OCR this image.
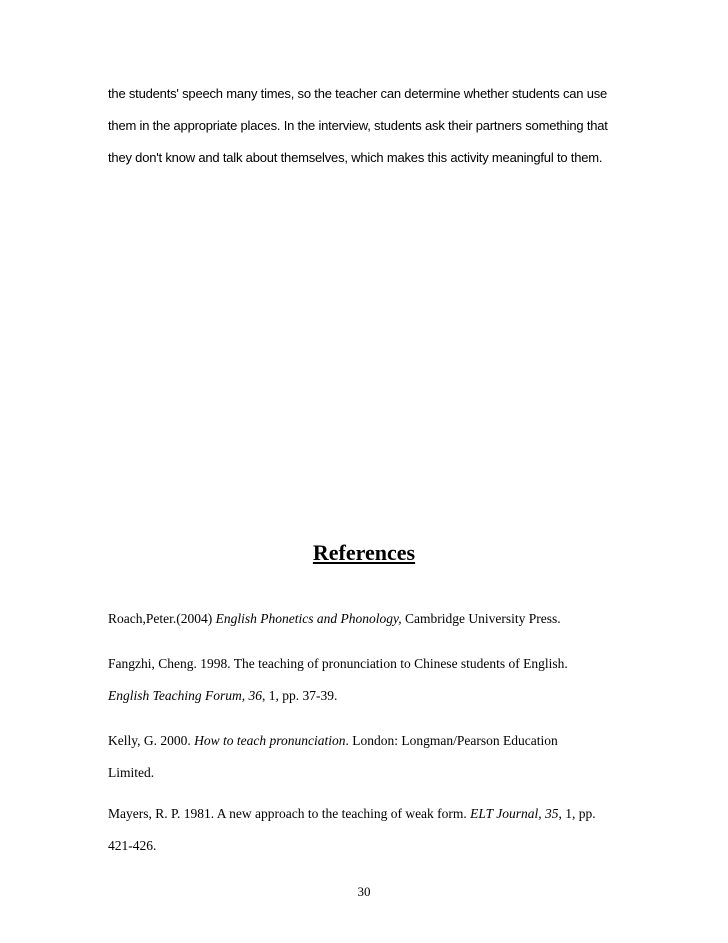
the students' speech many times, so the teacher can determine whether students can use

them in the appropriate places. In the interview, students ask their partners something that

they don't know and talk about themselves, which makes this activity meaningful to them.

References

Roach,Peter.(2004) English Phonetics and Phonology, Cambridge University Press.

Fangzhi, Cheng. 1998. The teaching of pronunciation to Chinese students of English.

English Teaching Forum, 36, 1, pp. 37-39.

Kelly, G. 2000. How to teach pronunciation. London: Longman/Pearson Education

Limited.

Mayers, R. P. 1981. A new approach to the teaching of weak form. ELT Journal, 35, 1, pp.

421-426.

30
